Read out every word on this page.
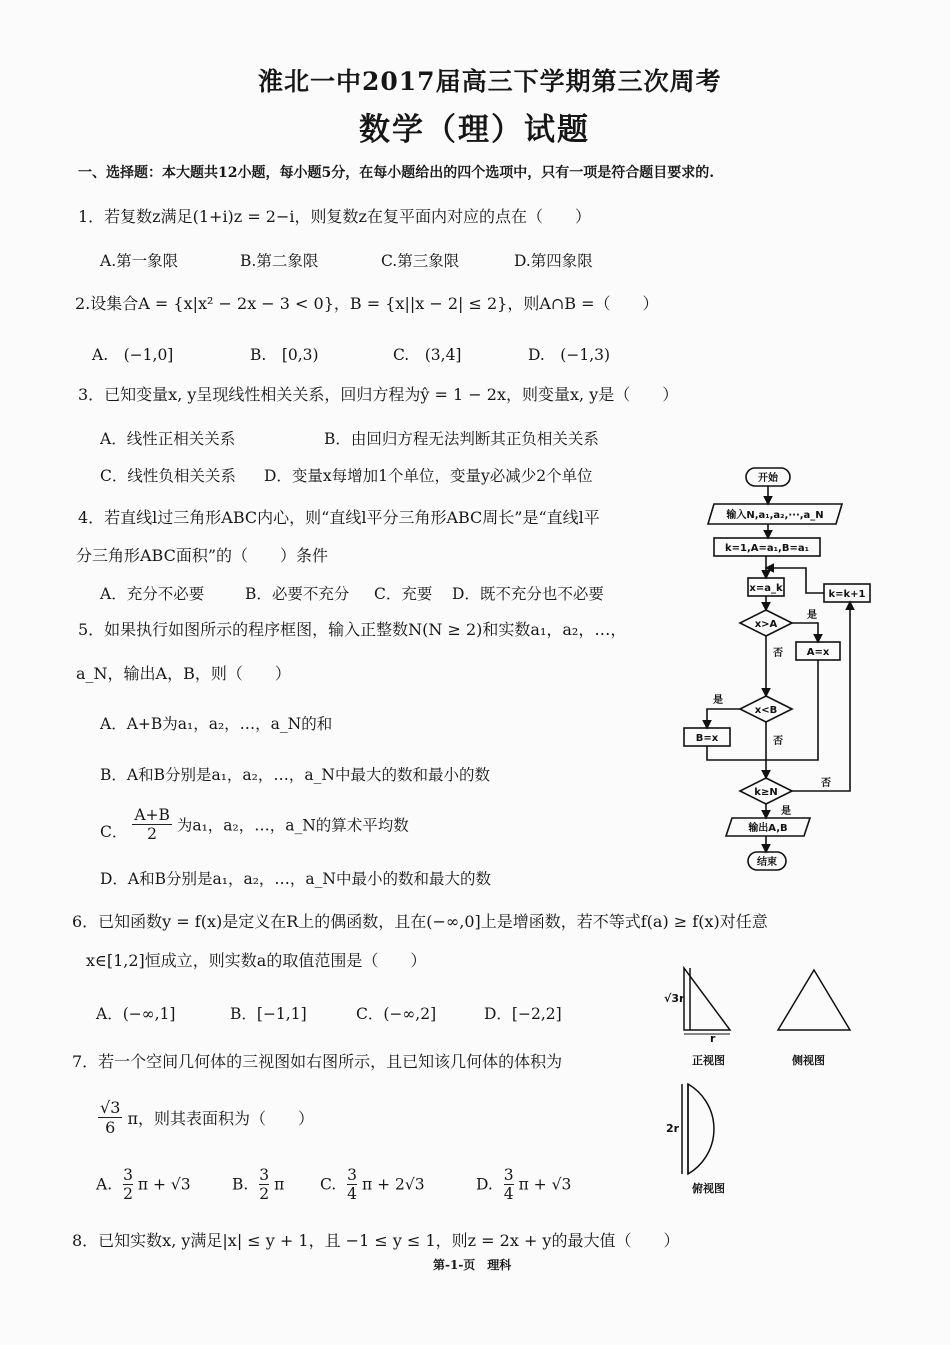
淮北一中2017届高三下学期第三次周考
数学（理）试题
一、选择题：本大题共12小题，每小题5分，在每小题给出的四个选项中，只有一项是符合题目要求的.
1．若复数z满足(1+i)z = 2−i，则复数z在复平面内对应的点在（　　）
A.第一象限	B.第二象限	C.第三象限	D.第四象限
2.设集合A = {x|x² − 2x − 3 < 0}，B = {x||x − 2| ≤ 2}，则A∩B =（　　）
A.　(−1,0]	B.　[0,3)	C.　(3,4]	D.　(−1,3)
3．已知变量x, y呈现线性相关关系，回归方程为ŷ = 1 − 2x，则变量x, y是（　　）
A．线性正相关关系	B．由回归方程无法判断其正负相关关系
C．线性负相关关系 D．变量x每增加1个单位，变量y必减少2个单位
4．若直线l过三角形ABC内心，则“直线l平分三角形ABC周长”是“直线l平
分三角形ABC面积”的（　　）条件
A．充分不必要	B．必要不充分 C．充要 D．既不充分也不必要
5．如果执行如图所示的程序框图，输入正整数N(N ≥ 2)和实数a₁，a₂，…，
a_N，输出A，B，则（　　）
A．A+B为a₁，a₂，…，a_N的和
B．A和B分别是a₁，a₂，…，a_N中最大的数和最小的数
C． $\frac{A+B}{2}$ 为a₁，a₂，…，a_N的算术平均数
D．A和B分别是a₁，a₂，…，a_N中最小的数和最大的数
6．已知函数y = f(x)是定义在R上的偶函数，且在(−∞,0]上是增函数，若不等式f(a) ≥ f(x)对任意
x∈[1,2]恒成立，则实数a的取值范围是（　　）
A．(−∞,1]	B．[−1,1]	C．(−∞,2]	D．[−2,2]
7．若一个空间几何体的三视图如右图所示，且已知该几何体的体积为
$\frac{√3}{6}$ π，则其表面积为（　　）
A. $\frac{3}{2}$ π + √3	B. $\frac{3}{2}$ π C. $\frac{3}{4}$ π + 2√3	D. $\frac{3}{4}$ π + √3
8．已知实数x, y满足|x| ≤ y + 1，且 −1 ≤ y ≤ 1，则z = 2x + y的最大值（　　）
第-1-页　理科
开始
输入N,a₁,a₂,···,a_N
k=1,A=a₁,B=a₁
x=a_k
k=k+1
x>A
A=x
x<B
B=x
k≥N
输出A,B
结束
是
否
是
否
否
是
√3r
r
2r
正视图	侧视图
俯视图
